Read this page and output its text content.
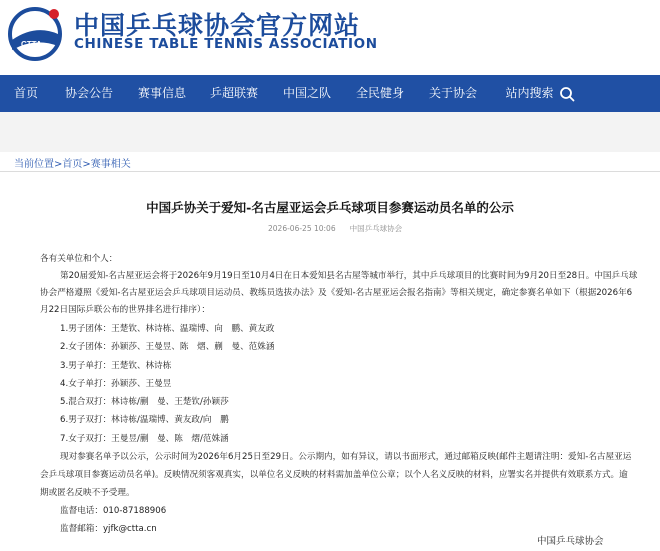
CTTA
中国乒乓球协会官方网站
CHINESE TABLE TENNIS ASSOCIATION
首页	协会公告	赛事信息	乒超联赛	中国之队	全民健身	关于协会	站内搜索
当前位置>首页>赛事相关
中国乒协关于爱知-名古屋亚运会乒乓球项目参赛运动员名单的公示
2026-06-25 10:06 中国乒乓球协会
各有关单位和个人：
第20届爱知-名古屋亚运会将于2026年9月19日至10月4日在日本爱知县名古屋等城市举行，其中乒乓球项目的比赛时间为9月20日至28日。中国乒乓球
协会严格遵照《爱知-名古屋亚运会乒乓球项目运动员、教练员选拔办法》及《爱知-名古屋亚运会报名指南》等相关规定，确定参赛名单如下（根据2026年6
月22日国际乒联公布的世界排名进行排序）：
1.男子团体：王楚钦、林诗栋、温瑞博、向　鹏、黄友政
2.女子团体：孙颖莎、王曼昱、陈　熠、蒯　曼、范姝涵
3.男子单打：王楚钦、林诗栋
4.女子单打：孙颖莎、王曼昱
5.混合双打：林诗栋/蒯　曼、王楚钦/孙颖莎
6.男子双打：林诗栋/温瑞博、黄友政/向　鹏
7.女子双打：王曼昱/蒯　曼、陈　熠/范姝涵
现对参赛名单予以公示，公示时间为2026年6月25日至29日。公示期内，如有异议，请以书面形式，通过邮箱反映(邮件主题请注明：爱知-名古屋亚运
会乒乓球项目参赛运动员名单)。反映情况须客观真实，以单位名义反映的材料需加盖单位公章；以个人名义反映的材料，应署实名并提供有效联系方式。逾
期或匿名反映不予受理。
监督电话：010-87188906
监督邮箱：yjfk@ctta.cn
中国乒乓球协会
